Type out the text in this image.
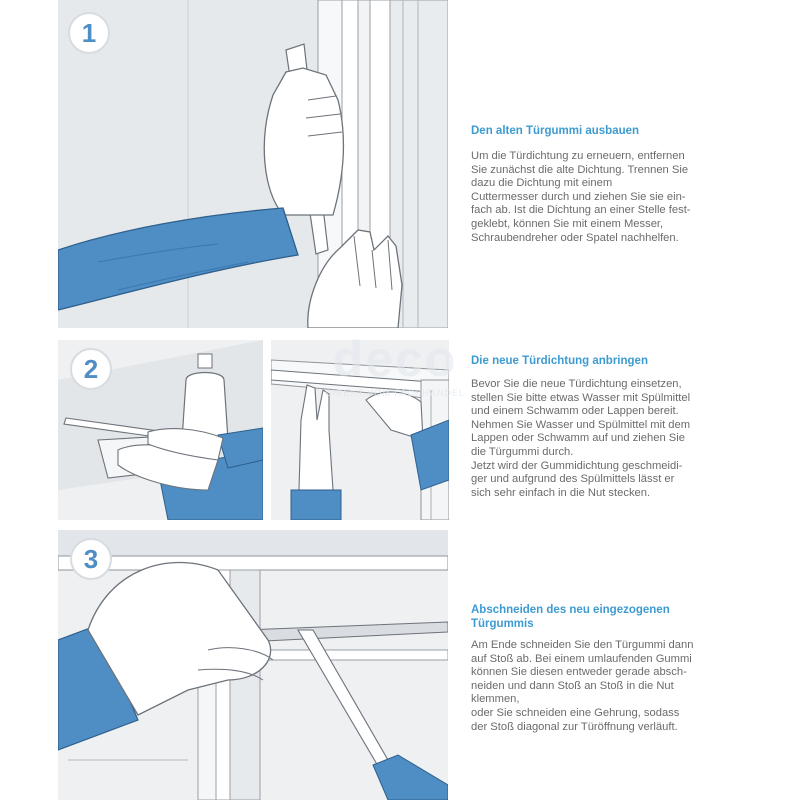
1
2
3
deco
DIREKT VOM FACHHANDEL

Den alten Türgummi ausbauen

Um die Türdichtung zu erneuern, entfernen
Sie zunächst die alte Dichtung. Trennen Sie
dazu die Dichtung mit einem
Cuttermesser durch und ziehen Sie sie ein-
fach ab. Ist die Dichtung an einer Stelle fest-
geklebt, können Sie mit einem Messer,
Schraubendreher oder Spatel nachhelfen.

Die neue Türdichtung anbringen

Bevor Sie die neue Türdichtung einsetzen,
stellen Sie bitte etwas Wasser mit Spülmittel
und einem Schwamm oder Lappen bereit.
Nehmen Sie Wasser und Spülmittel mit dem
Lappen oder Schwamm auf und ziehen Sie
die Türgummi durch.
Jetzt wird der Gummidichtung geschmeidi-
ger und aufgrund des Spülmittels lässt er
sich sehr einfach in die Nut stecken.

Abschneiden des neu eingezogenen
Türgummis

Am Ende schneiden Sie den Türgummi dann
auf Stoß ab. Bei einem umlaufenden Gummi
können Sie diesen entweder gerade absch-
neiden und dann Stoß an Stoß in die Nut
klemmen,
oder Sie schneiden eine Gehrung, sodass
der Stoß diagonal zur Türöffnung verläuft.
